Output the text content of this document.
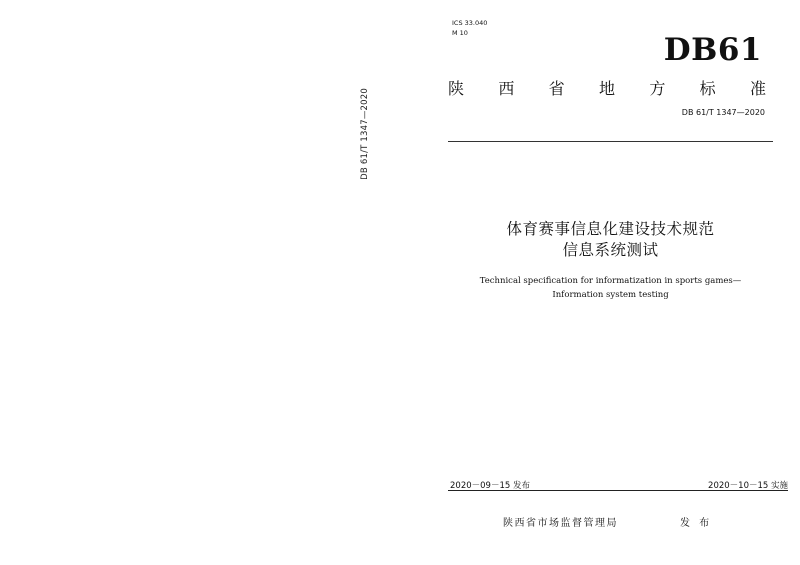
DB 61/T 1347—2020
ICS 33.040
M 10	DB61
陕 西 省 地 方 标 准
DB 61/T 1347—2020
体育赛事信息化建设技术规范
信息系统测试
Technical specification for informatization in sports games—
Information system testing
2020－09－15 发布	2020－10－15 实施
陕西省市场监督管理局	发 布
